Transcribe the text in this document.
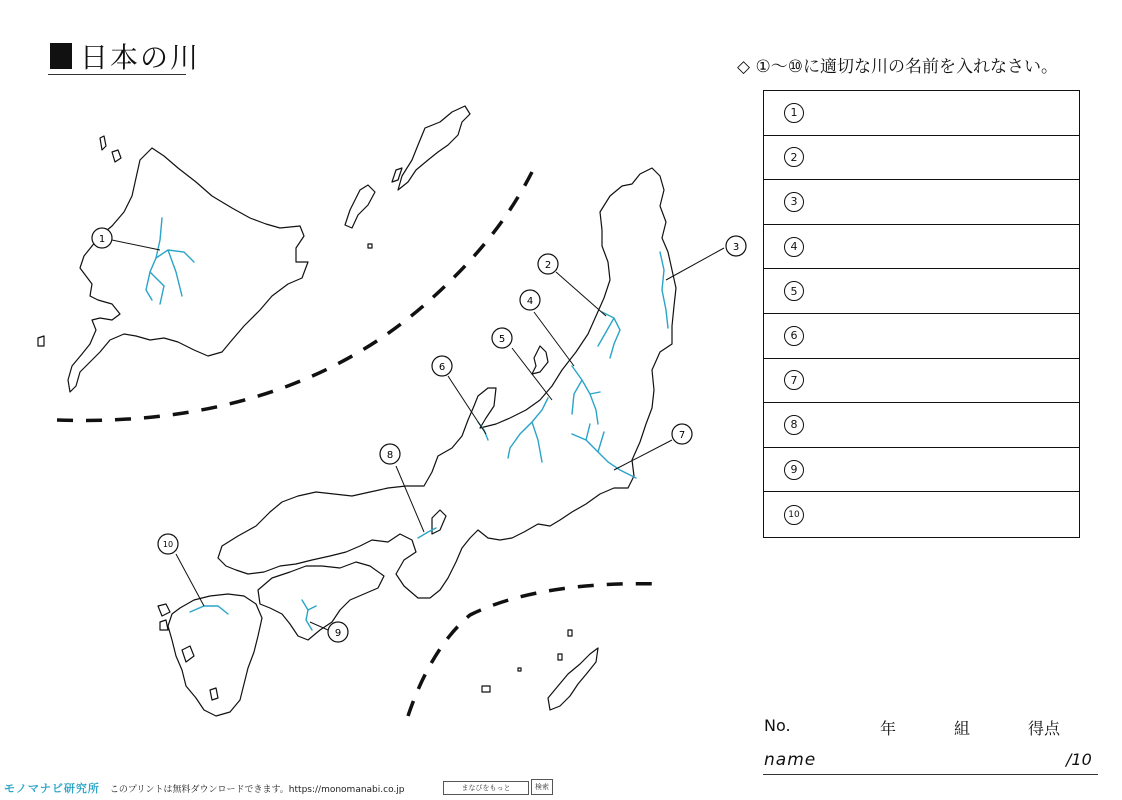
日本の川	◇ ①〜⑩に適切な川の名前を入れなさい。
1
2
3
4
5
6
7
8
9
10
1
2
3
4
5
6
7
8
9
10
No.	年	組	得点
name	/10
モノマナビ研究所 このプリントは無料ダウンロードできます。https://monomanabi.co.jp	まなびをもっと	検索
